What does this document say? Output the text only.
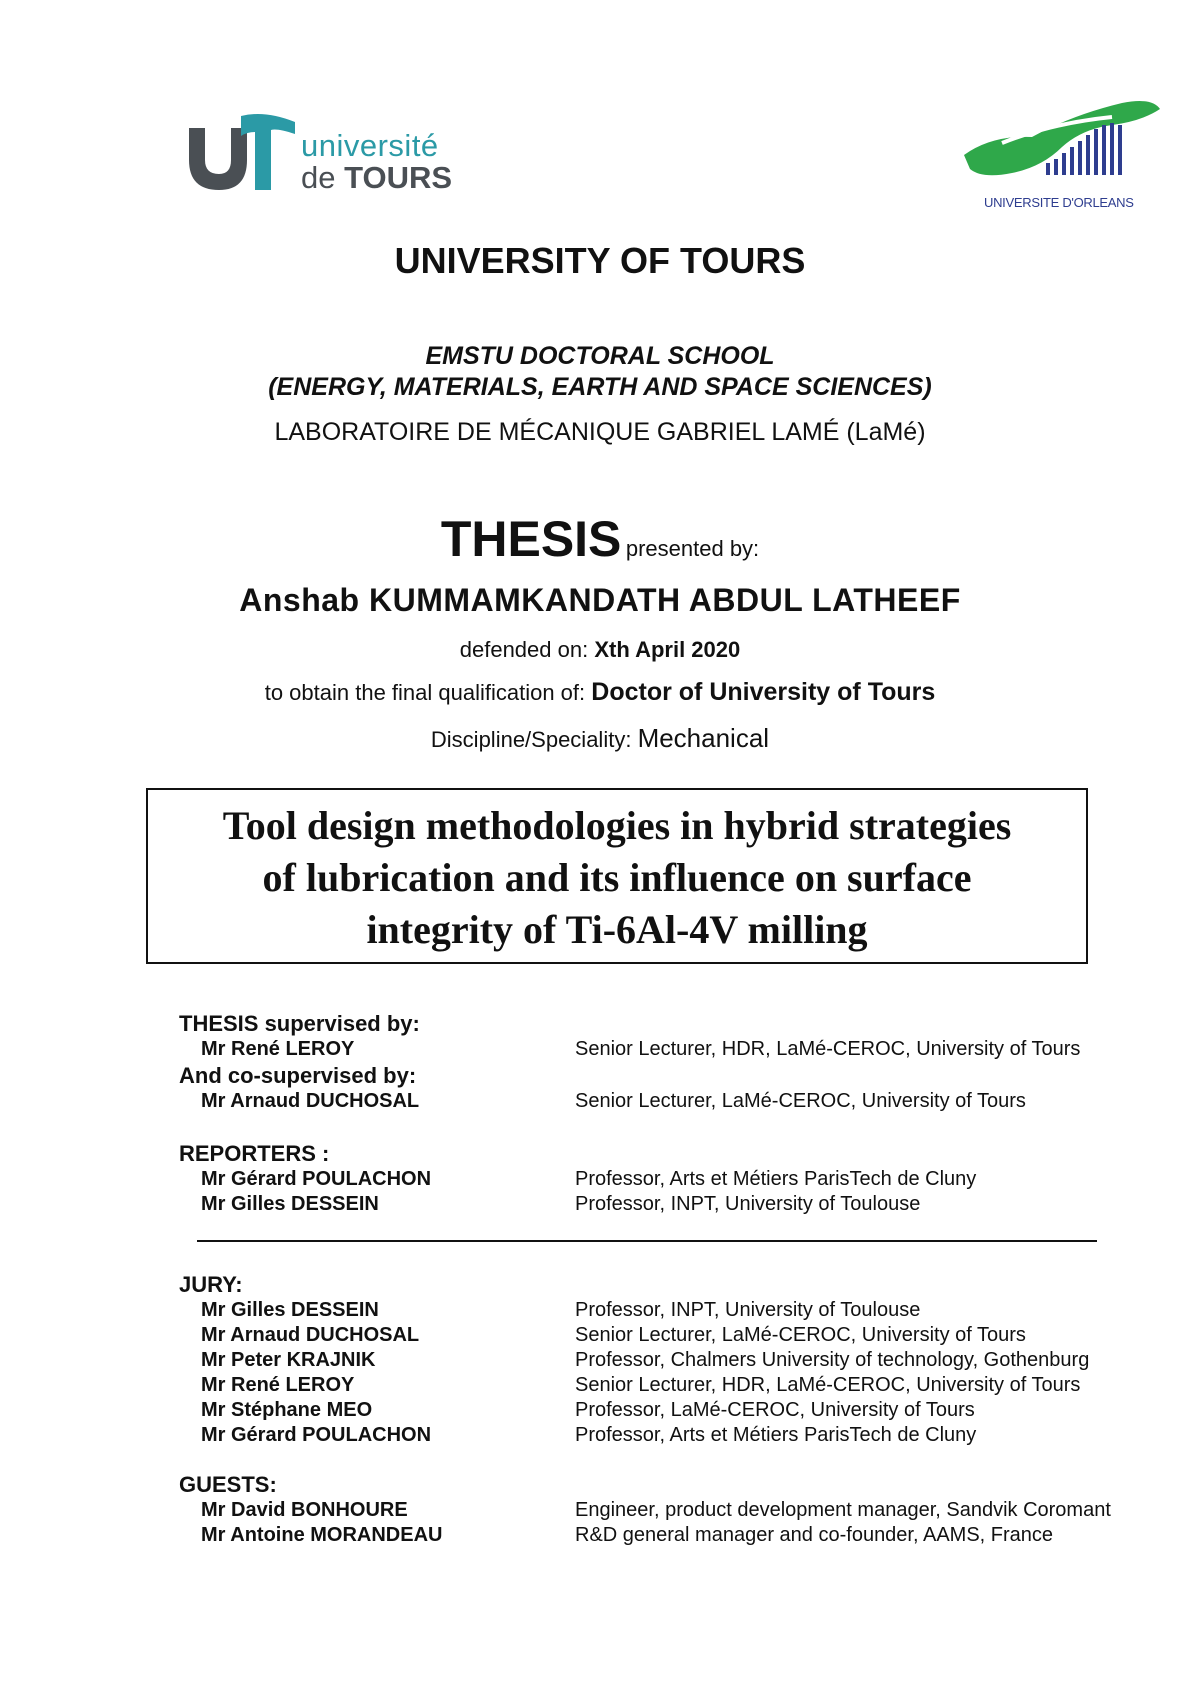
université
de TOURS
UNIVERSITE D'ORLEANS
UNIVERSITY OF TOURS
EMSTU DOCTORAL SCHOOL
(ENERGY, MATERIALS, EARTH AND SPACE SCIENCES)
LABORATOIRE DE MÉCANIQUE GABRIEL LAMÉ (LaMé)
THESIS presented by:
Anshab KUMMAMKANDATH ABDUL LATHEEF
defended on: Xth April 2020
to obtain the final qualification of: Doctor of University of Tours
Discipline/Speciality: Mechanical
Tool design methodologies in hybrid strategies
of lubrication and its influence on surface
integrity of Ti-6Al-4V milling
THESIS supervised by:
Mr René LEROY	Senior Lecturer, HDR, LaMé-CEROC, University of Tours
And co-supervised by:
Mr Arnaud DUCHOSAL	Senior Lecturer, LaMé-CEROC, University of Tours
REPORTERS :
Mr Gérard POULACHON	Professor, Arts et Métiers ParisTech de Cluny
Mr Gilles DESSEIN	Professor, INPT, University of Toulouse
JURY:
Mr Gilles DESSEIN	Professor, INPT, University of Toulouse
Mr Arnaud DUCHOSAL	Senior Lecturer, LaMé-CEROC, University of Tours
Mr Peter KRAJNIK	Professor, Chalmers University of technology, Gothenburg
Mr René LEROY	Senior Lecturer, HDR, LaMé-CEROC, University of Tours
Mr Stéphane MEO	Professor, LaMé-CEROC, University of Tours
Mr Gérard POULACHON	Professor, Arts et Métiers ParisTech de Cluny
GUESTS:
Mr David BONHOURE	Engineer, product development manager, Sandvik Coromant
Mr Antoine MORANDEAU	R&D general manager and co-founder, AAMS, France
